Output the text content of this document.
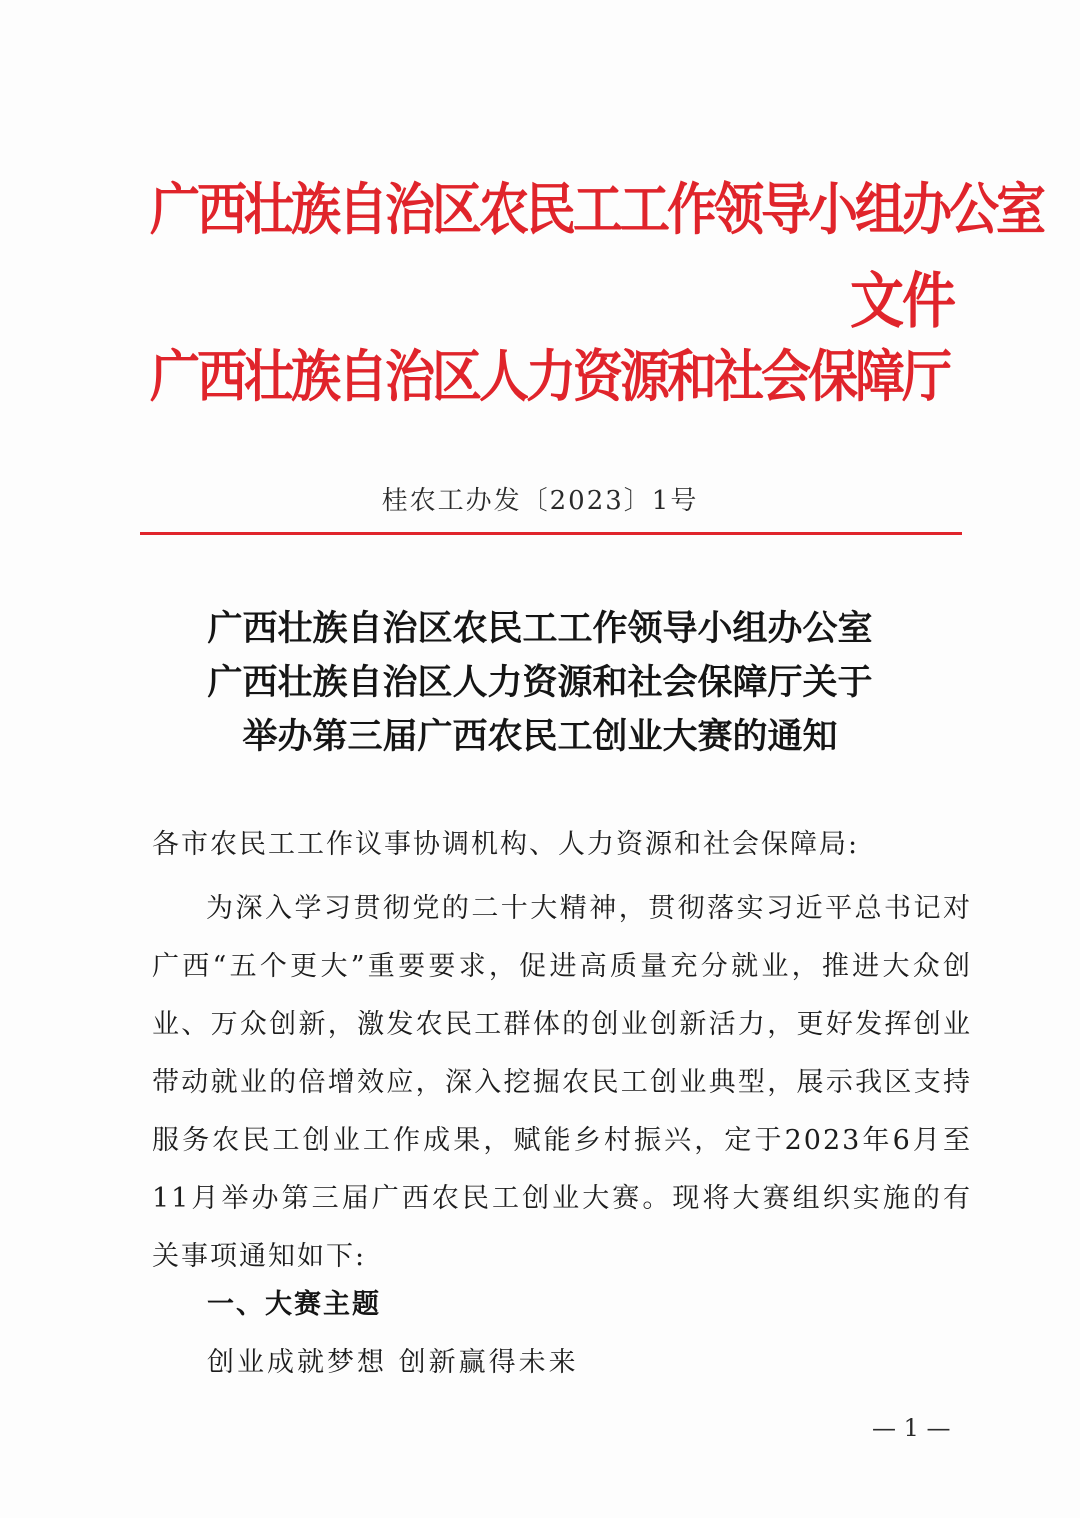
广西壮族自治区农民工工作领导小组办公室
文件
广西壮族自治区人力资源和社会保障厅
桂农工办发〔2023〕1号
广西壮族自治区农民工工作领导小组办公室
广西壮族自治区人力资源和社会保障厅关于
举办第三届广西农民工创业大赛的通知
各市农民工工作议事协调机构、人力资源和社会保障局:
为深入学习贯彻党的二十大精神，贯彻落实习近平总书记对广西“五个更大”重要要求，促进高质量充分就业，推进大众创业、万众创新，激发农民工群体的创业创新活力，更好发挥创业带动就业的倍增效应，深入挖掘农民工创业典型，展示我区支持服务农民工创业工作成果，赋能乡村振兴，定于2023年6月至11月举办第三届广西农民工创业大赛。现将大赛组织实施的有关事项通知如下:
一、大赛主题
创业成就梦想 创新赢得未来
— 1 —
